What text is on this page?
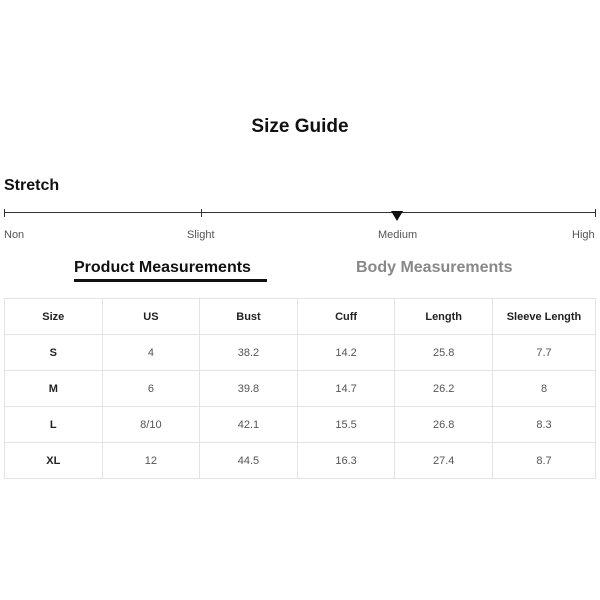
Size Guide
Stretch
Non	Slight	Medium	High
Product Measurements	Body Measurements
Size	US	Bust	Cuff	Length	Sleeve Length
S	4	38.2	14.2	25.8	7.7
M	6	39.8	14.7	26.2	8
L	8/10	42.1	15.5	26.8	8.3
XL	12	44.5	16.3	27.4	8.7
